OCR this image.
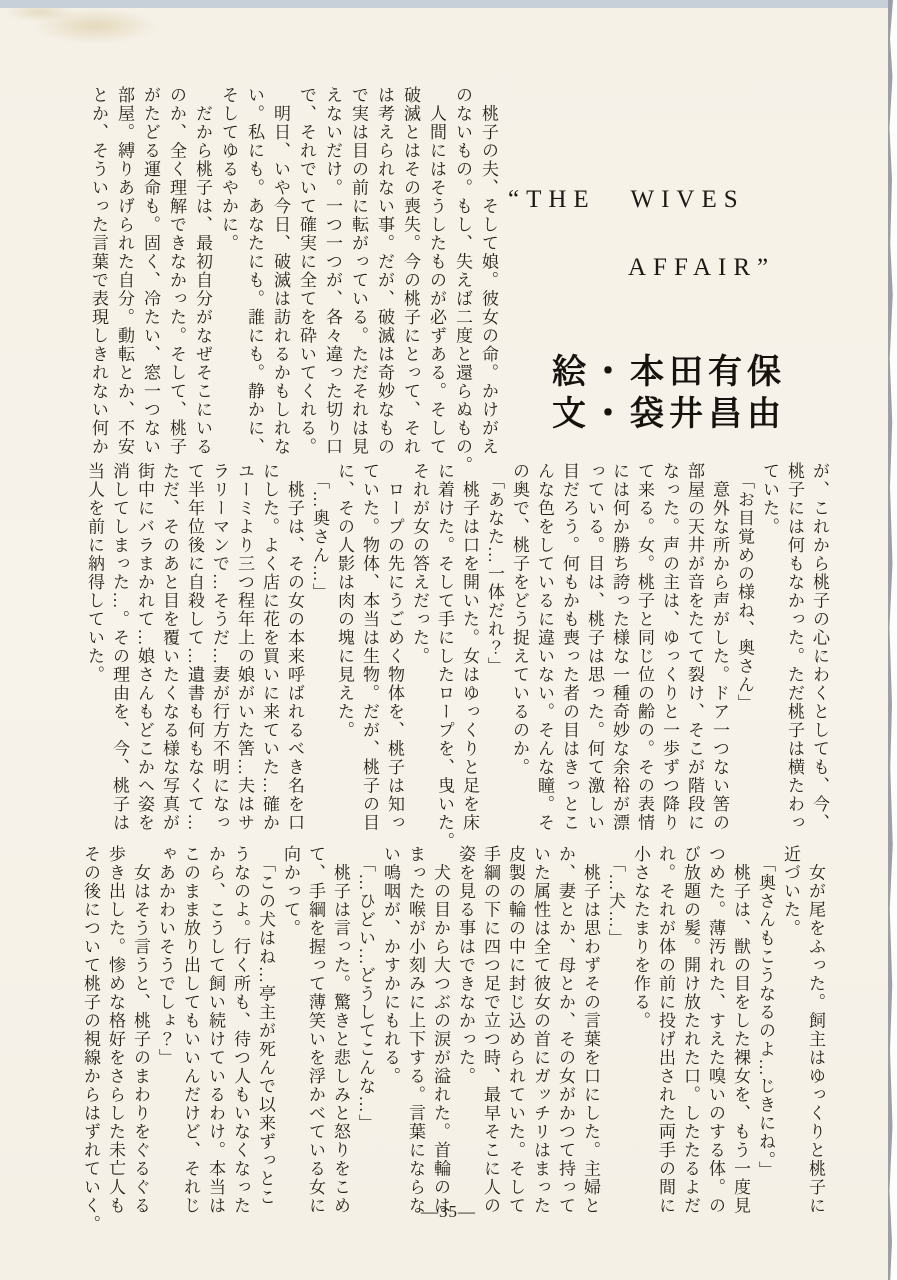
　桃子の夫、そして娘。彼女の命。かけがえ
のないもの。もし、失えば二度と還らぬもの。
　人間にはそうしたものが必ずある。そして
破滅とはその喪失。今の桃子にとって、それ
は考えられない事。だが、破滅は奇妙なもの
で実は目の前に転がっている。ただそれは見
えないだけ。一つ一つが、各々違った切り口
で、それでいて確実に全てを砕いてくれる。
　明日、いや今日、破滅は訪れるかもしれな
い。私にも。あなたにも。誰にも。静かに、
そしてゆるやかに。
　だから桃子は、最初自分がなぜそこにいる
のか、全く理解できなかった。そして、桃子
がたどる運命も。固く、冷たい、窓一つない
部屋。縛りあげられた自分。動転とか、不安
とか、そういった言葉で表現しきれない何か	“THE WIVES
AFFAIR”
絵・本田有保
文・袋井昌由
が、これから桃子の心にわくとしても、今、
桃子には何もなかった。ただ桃子は横たわっ
ていた。
　「お目覚めの様ね、奥さん」
　意外な所から声がした。ドア一つない筈の
部屋の天井が音をたてて裂け、そこが階段に
なった。声の主は、ゆっくりと一歩ずつ降り
て来る。女。桃子と同じ位の齢の。その表情
には何か勝ち誇った様な一種奇妙な余裕が漂
っている。目は、桃子は思った。何て激しい
目だろう。何もかも喪った者の目はきっとこ
んな色をしているに違いない。そんな瞳。そ
の奥で、桃子をどう捉えているのか。
　「あなた…一体だれ？」
　桃子は口を開いた。女はゆっくりと足を床
に着けた。そして手にしたロープを、曳いた。
それが女の答えだった。
　ロープの先にうごめく物体を、桃子は知っ
ていた。物体、本当は生物。だが、桃子の目
に、その人影は肉の塊に見えた。
　「…奥さん…」
　桃子は、その女の本来呼ばれるべき名を口
にした。よく店に花を買いに来ていた…確か
ユーミより三つ程年上の娘がいた筈…夫はサ
ラリーマンで…そうだ…妻が行方不明になっ
て半年位後に自殺して…遺書も何もなくて…
ただ、そのあと目を覆いたくなる様な写真が
街中にバラまかれて…娘さんもどこかへ姿を
消してしまった…。その理由を、今、桃子は
当人を前に納得していた。
　女が尾をふった。飼主はゆっくりと桃子に
近づいた。
　「奥さんもこうなるのよ…じきにね。」
　桃子は、獣の目をした裸女を、もう一度見
つめた。薄汚れた、すえた嗅いのする体。の
び放題の髪。開け放たれた口。したたるよだ
れ。それが体の前に投げ出された両手の間に
小さなたまりを作る。
　「…犬…」
　桃子は思わずその言葉を口にした。主婦と
か、妻とか、母とか、その女がかつて持って
いた属性は全て彼女の首にガッチリはまった
皮製の輪の中に封じ込められていた。そして
手綱の下に四つ足で立つ時、最早そこに人の
姿を見る事はできなかった。
　犬の目から大つぶの涙が溢れた。首輪のは
まった喉が小刻みに上下する。言葉にならな
い鳴咽が、かすかにもれる。
　「…ひどい…どうしてこんな…」
　桃子は言った。驚きと悲しみと怒りをこめ
て、手綱を握って薄笑いを浮かべている女に
向かって。
　「この犬はね…亭主が死んで以来ずっとこ
うなのよ。行く所も、待つ人もいなくなった
から、こうして飼い続けているわけ。本当は
このまま放り出してもいいんだけど、それじ
ゃあかわいそうでしょ？」
　女はそう言うと、桃子のまわりをぐるぐる
歩き出した。惨めな格好をさらした未亡人も
その後について桃子の視線からはずれていく。	―35―
